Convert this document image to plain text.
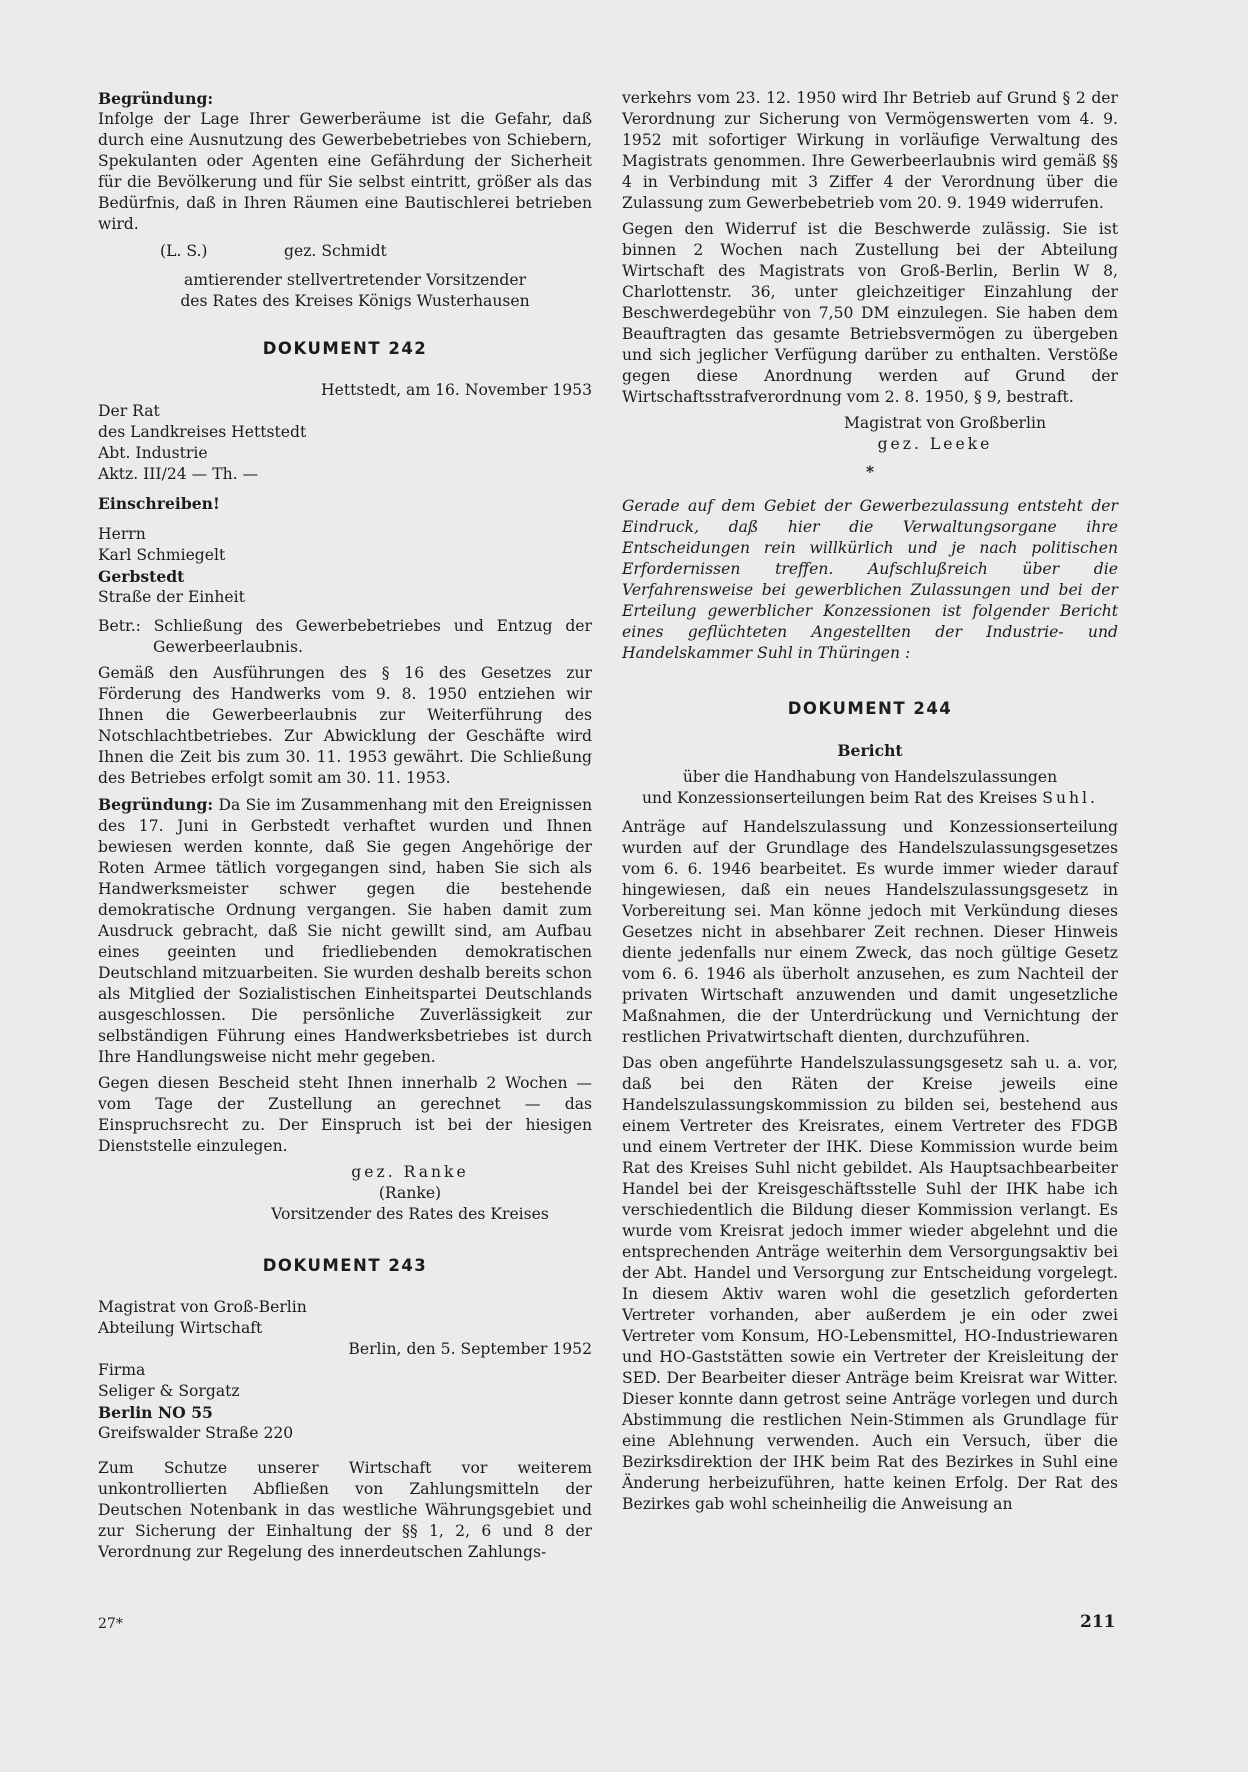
Begründung:

Infolge der Lage Ihrer Gewerberäume ist die Gefahr, daß durch eine Ausnutzung des Gewerbebetriebes von Schiebern, Spekulanten oder Agenten eine Gefährdung der Sicherheit für die Bevölkerung und für Sie selbst eintritt, größer als das Bedürfnis, daß in Ihren Räumen eine Bautischlerei betrieben wird.

(L. S.)	gez. Schmidt

amtierender stellvertretender Vorsitzender

des Rates des Kreises Königs Wusterhausen

DOKUMENT 242

Hettstedt, am 16. November 1953

Der Rat

des Landkreises Hettstedt

Abt. Industrie

Aktz. III/24 — Th. —

Einschreiben!

Herrn

Karl Schmiegelt

Gerbstedt

Straße der Einheit

Betr.: Schließung des Gewerbebetriebes und Entzug der Gewerbeerlaubnis.

Gemäß den Ausführungen des § 16 des Gesetzes zur Förderung des Handwerks vom 9. 8. 1950 entziehen wir Ihnen die Gewerbeerlaubnis zur Weiterführung des Notschlachtbetriebes. Zur Abwicklung der Geschäfte wird Ihnen die Zeit bis zum 30. 11. 1953 gewährt. Die Schließung des Betriebes erfolgt somit am 30. 11. 1953.

Begründung: Da Sie im Zusammenhang mit den Ereignissen des 17. Juni in Gerbstedt verhaftet wurden und Ihnen bewiesen werden konnte, daß Sie gegen Angehörige der Roten Armee tätlich vorgegangen sind, haben Sie sich als Handwerksmeister schwer gegen die bestehende demokratische Ordnung vergangen. Sie haben damit zum Ausdruck gebracht, daß Sie nicht gewillt sind, am Aufbau eines geeinten und friedliebenden demokratischen Deutschland mitzuarbeiten. Sie wurden deshalb bereits schon als Mitglied der Sozialistischen Einheitspartei Deutschlands ausgeschlossen. Die persönliche Zuverlässigkeit zur selbständigen Führung eines Handwerksbetriebes ist durch Ihre Handlungsweise nicht mehr gegeben.

Gegen diesen Bescheid steht Ihnen innerhalb 2 Wochen — vom Tage der Zustellung an gerechnet — das Einspruchsrecht zu. Der Einspruch ist bei der hiesigen Dienststelle einzulegen.

gez. Ranke

(Ranke)

Vorsitzender des Rates des Kreises

DOKUMENT 243

Magistrat von Groß-Berlin

Abteilung Wirtschaft

Berlin, den 5. September 1952

Firma

Seliger & Sorgatz

Berlin NO 55

Greifswalder Straße 220

Zum Schutze unserer Wirtschaft vor weiterem unkontrollierten Abfließen von Zahlungsmitteln der Deutschen Notenbank in das westliche Währungsgebiet und zur Sicherung der Einhaltung der §§ 1, 2, 6 und 8 der Verordnung zur Regelung des innerdeutschen Zahlungs-

verkehrs vom 23. 12. 1950 wird Ihr Betrieb auf Grund § 2 der Verordnung zur Sicherung von Vermögenswerten vom 4. 9. 1952 mit sofortiger Wirkung in vorläufige Verwaltung des Magistrats genommen. Ihre Gewerbeerlaubnis wird gemäß §§ 4 in Verbindung mit 3 Ziffer 4 der Verordnung über die Zulassung zum Gewerbebetrieb vom 20. 9. 1949 widerrufen.

Gegen den Widerruf ist die Beschwerde zulässig. Sie ist binnen 2 Wochen nach Zustellung bei der Abteilung Wirtschaft des Magistrats von Groß-Berlin, Berlin W 8, Charlottenstr. 36, unter gleichzeitiger Einzahlung der Beschwerdegebühr von 7,50 DM einzulegen. Sie haben dem Beauftragten das gesamte Betriebsvermögen zu übergeben und sich jeglicher Verfügung darüber zu enthalten. Verstöße gegen diese Anordnung werden auf Grund der Wirtschaftsstrafverordnung vom 2. 8. 1950, § 9, bestraft.

Magistrat von Großberlin

gez. Leeke

*

Gerade auf dem Gebiet der Gewerbezulassung entsteht der Eindruck, daß hier die Verwaltungsorgane ihre Entscheidungen rein willkürlich und je nach politischen Erfordernissen treffen. Aufschlußreich über die Verfahrensweise bei gewerblichen Zulassungen und bei der Erteilung gewerblicher Konzessionen ist folgender Bericht eines geflüchteten Angestellten der Industrie- und Handelskammer Suhl in Thüringen :

DOKUMENT 244

Bericht

über die Handhabung von Handelszulassungen

und Konzessionserteilungen beim Rat des Kreises Suhl.

Anträge auf Handelszulassung und Konzessionserteilung wurden auf der Grundlage des Handelszulassungsgesetzes vom 6. 6. 1946 bearbeitet. Es wurde immer wieder darauf hingewiesen, daß ein neues Handelszulassungsgesetz in Vorbereitung sei. Man könne jedoch mit Verkündung dieses Gesetzes nicht in absehbarer Zeit rechnen. Dieser Hinweis diente jedenfalls nur einem Zweck, das noch gültige Gesetz vom 6. 6. 1946 als überholt anzusehen, es zum Nachteil der privaten Wirtschaft anzuwenden und damit ungesetzliche Maßnahmen, die der Unterdrückung und Vernichtung der restlichen Privatwirtschaft dienten, durchzuführen.

Das oben angeführte Handelszulassungsgesetz sah u. a. vor, daß bei den Räten der Kreise jeweils eine Handelszulassungskommission zu bilden sei, bestehend aus einem Vertreter des Kreisrates, einem Vertreter des FDGB und einem Vertreter der IHK. Diese Kommission wurde beim Rat des Kreises Suhl nicht gebildet. Als Hauptsachbearbeiter Handel bei der Kreisgeschäftsstelle Suhl der IHK habe ich verschiedentlich die Bildung dieser Kommission verlangt. Es wurde vom Kreisrat jedoch immer wieder abgelehnt und die entsprechenden Anträge weiterhin dem Versorgungsaktiv bei der Abt. Handel und Versorgung zur Entscheidung vorgelegt. In diesem Aktiv waren wohl die gesetzlich geforderten Vertreter vorhanden, aber außerdem je ein oder zwei Vertreter vom Konsum, HO-Lebensmittel, HO-Industriewaren und HO-Gaststätten sowie ein Vertreter der Kreisleitung der SED. Der Bearbeiter dieser Anträge beim Kreisrat war Witter. Dieser konnte dann getrost seine Anträge vorlegen und durch Abstimmung die restlichen Nein-Stimmen als Grundlage für eine Ablehnung verwenden. Auch ein Versuch, über die Bezirksdirektion der IHK beim Rat des Bezirkes in Suhl eine Änderung herbeizuführen, hatte keinen Erfolg. Der Rat des Bezirkes gab wohl scheinheilig die Anweisung an

27*	211
